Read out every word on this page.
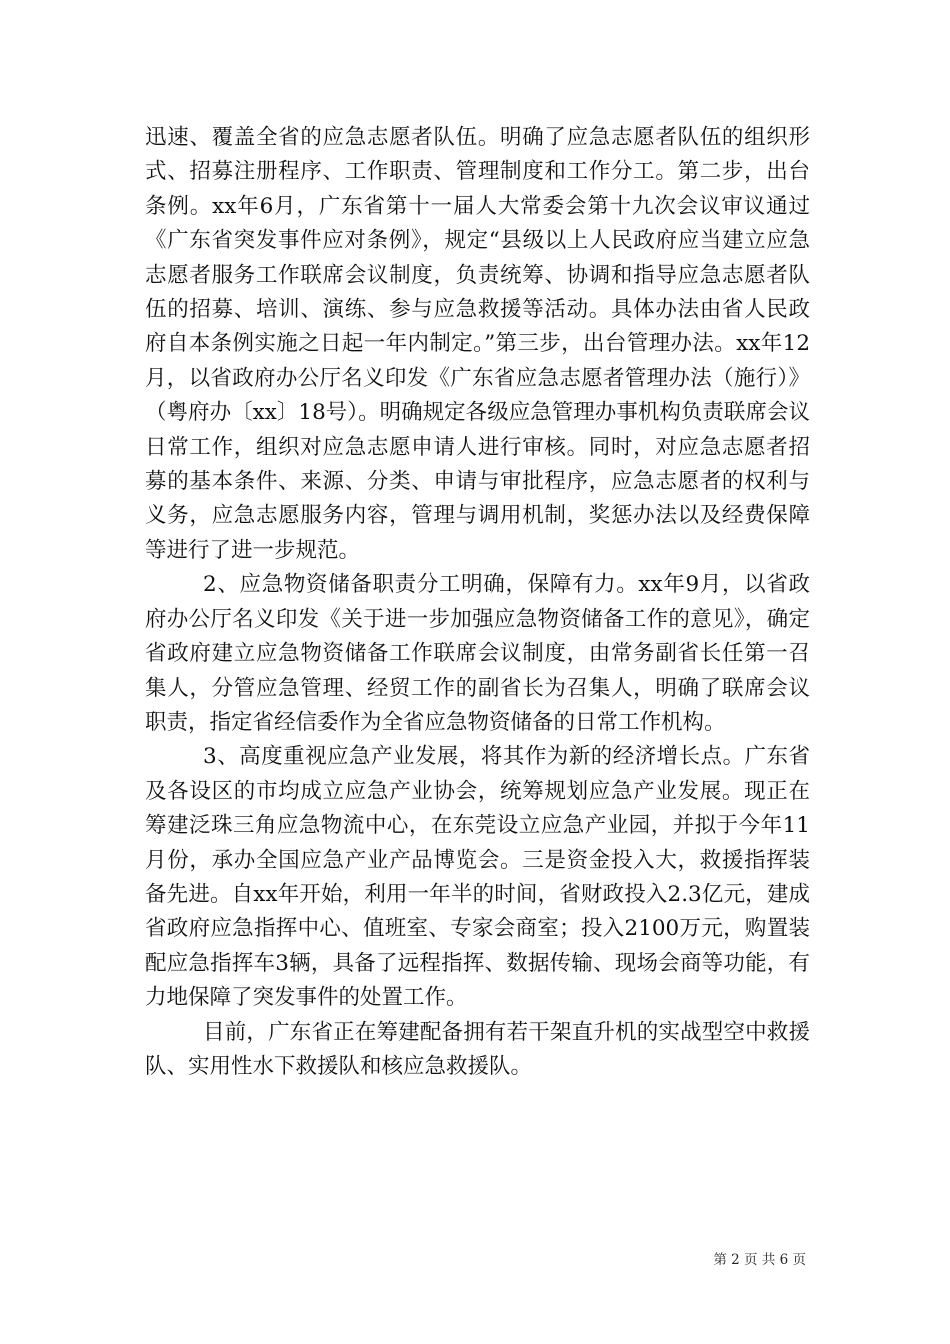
迅速、覆盖全省的应急志愿者队伍。明确了应急志愿者队伍的组织形式、招募注册程序、工作职责、管理制度和工作分工。第二步，出台条例。xx年6月，广东省第十一届人大常委会第十九次会议审议通过《广东省突发事件应对条例》，规定“县级以上人民政府应当建立应急志愿者服务工作联席会议制度，负责统筹、协调和指导应急志愿者队伍的招募、培训、演练、参与应急救援等活动。具体办法由省人民政府自本条例实施之日起一年内制定。”第三步，出台管理办法。xx年12月，以省政府办公厅名义印发《广东省应急志愿者管理办法（施行）》（粤府办〔xx〕18号）。明确规定各级应急管理办事机构负责联席会议日常工作，组织对应急志愿申请人进行审核。同时，对应急志愿者招募的基本条件、来源、分类、申请与审批程序，应急志愿者的权利与义务，应急志愿服务内容，管理与调用机制，奖惩办法以及经费保障等进行了进一步规范。

2、应急物资储备职责分工明确，保障有力。xx年9月，以省政府办公厅名义印发《关于进一步加强应急物资储备工作的意见》，确定省政府建立应急物资储备工作联席会议制度，由常务副省长任第一召集人，分管应急管理、经贸工作的副省长为召集人，明确了联席会议职责，指定省经信委作为全省应急物资储备的日常工作机构。

3、高度重视应急产业发展，将其作为新的经济增长点。广东省及各设区的市均成立应急产业协会，统筹规划应急产业发展。现正在筹建泛珠三角应急物流中心，在东莞设立应急产业园，并拟于今年11月份，承办全国应急产业产品博览会。三是资金投入大，救援指挥装备先进。自xx年开始，利用一年半的时间，省财政投入2.3亿元，建成省政府应急指挥中心、值班室、专家会商室；投入2100万元，购置装配应急指挥车3辆，具备了远程指挥、数据传输、现场会商等功能，有力地保障了突发事件的处置工作。

目前，广东省正在筹建配备拥有若干架直升机的实战型空中救援队、实用性水下救援队和核应急救援队。

第 2 页 共 6 页
